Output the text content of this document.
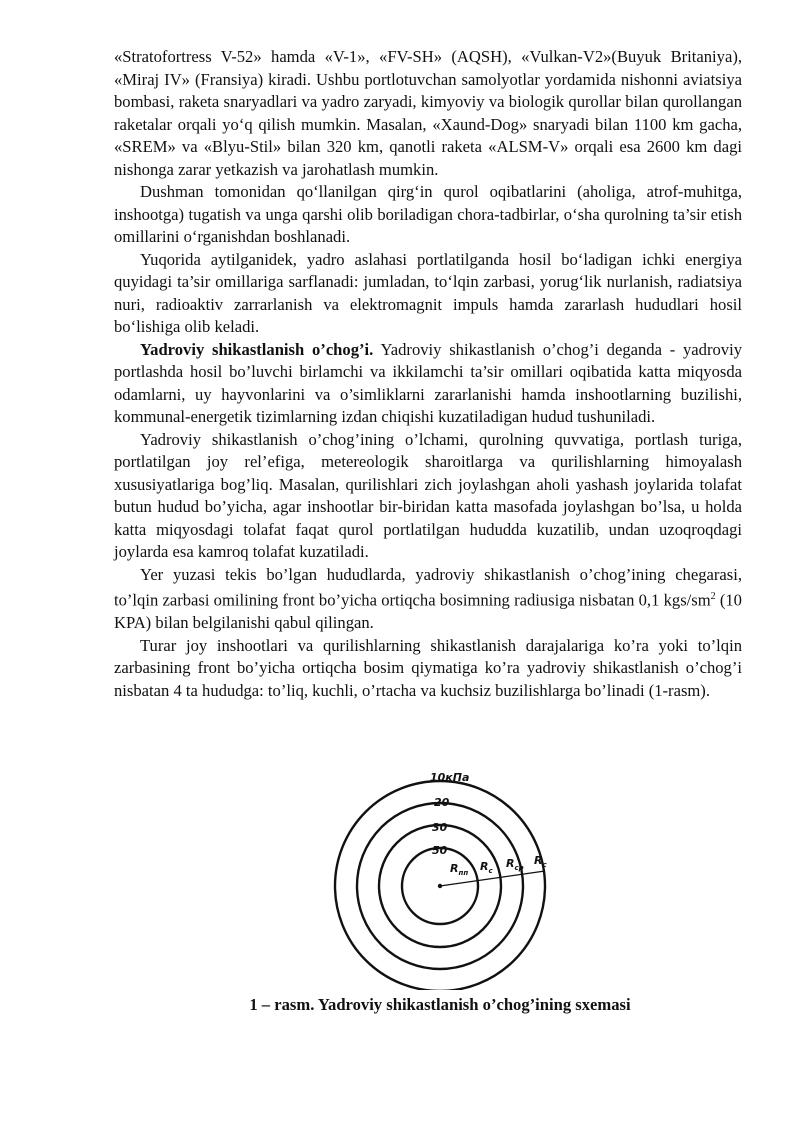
«Stratofortress V-52» hamda «V-1», «FV-SH» (AQSH), «Vulkan-V2»(Buyuk Britaniya), «Miraj IV» (Fransiya) kiradi. Ushbu portlotuvchan samolyotlar yordamida nishonni aviatsiya bombasi, raketa snaryadlari va yadro zaryadi, kimyoviy va biologik qurollar bilan qurollangan raketalar orqali yo‘q qilish mumkin. Masalan, «Xaund-Dog» snaryadi bilan 1100 km gacha, «SREM» va «Blyu-Stil» bilan 320 km, qanotli raketa «ALSM-V» orqali esa 2600 km dagi nishonga zarar yetkazish va jarohatlash mumkin.

Dushman tomonidan qo‘llanilgan qirg‘in qurol oqibatlarini (aholiga, atrof-muhitga, inshootga) tugatish va unga qarshi olib boriladigan chora-tadbirlar, o‘sha qurolning ta’sir etish omillarini o‘rganishdan boshlanadi.

Yuqorida aytilganidek, yadro aslahasi portlatilganda hosil bo‘ladigan ichki energiya quyidagi ta’sir omillariga sarflanadi: jumladan, to‘lqin zarbasi, yorug‘lik nurlanish, radiatsiya nuri, radioaktiv zarrarlanish va elektromagnit impuls hamda zararlash hududlari hosil bo‘lishiga olib keladi.

Yadroviy shikastlanish o’chog’i. Yadroviy shikastlanish o’chog’i deganda - yadroviy portlashda hosil bo’luvchi birlamchi va ikkilamchi ta’sir omillari oqibatida katta miqyosda odamlarni, uy hayvonlarini va o’simliklarni zararlanishi hamda inshootlarning buzilishi, kommunal-energetik tizimlarning izdan chiqishi kuzatiladigan hudud tushuniladi.

Yadroviy shikastlanish o’chog’ining o’lchami, qurolning quvvatiga, portlash turiga, portlatilgan joy rel’efiga, metereologik sharoitlarga va qurilishlarning himoyalash xususiyatlariga bog’liq. Masalan, qurilishlari zich joylashgan aholi yashash joylarida tolafat butun hudud bo’yicha, agar inshootlar bir-biridan katta masofada joylashgan bo’lsa, u holda katta miqyosdagi tolafat faqat qurol portlatilgan hududda kuzatilib, undan uzoqroqdagi joylarda esa kamroq tolafat kuzatiladi.

Yer yuzasi tekis bo’lgan hududlarda, yadroviy shikastlanish o’chog’ining chegarasi, to’lqin zarbasi omilining front bo’yicha ortiqcha bosimning radiusiga nisbatan 0,1 kgs/$sm^2$ (10 KPA) bilan belgilanishi qabul qilingan.

Turar joy inshootlari va qurilishlarning shikastlanish darajalariga ko’ra yoki to’lqin zarbasining front bo’yicha ortiqcha bosim qiymatiga ko’ra yadroviy shikastlanish o’chog’i nisbatan 4 ta hududga: to’liq, kuchli, o’rtacha va kuchsiz buzilishlarga bo’linadi (1-rasm).

10кПа
20
30
50
$R_{пп}$ $R_с$
$R_{ср}$
$R_с$
1 – rasm. Yadroviy shikastlanish o’chog’ining sxemasi
